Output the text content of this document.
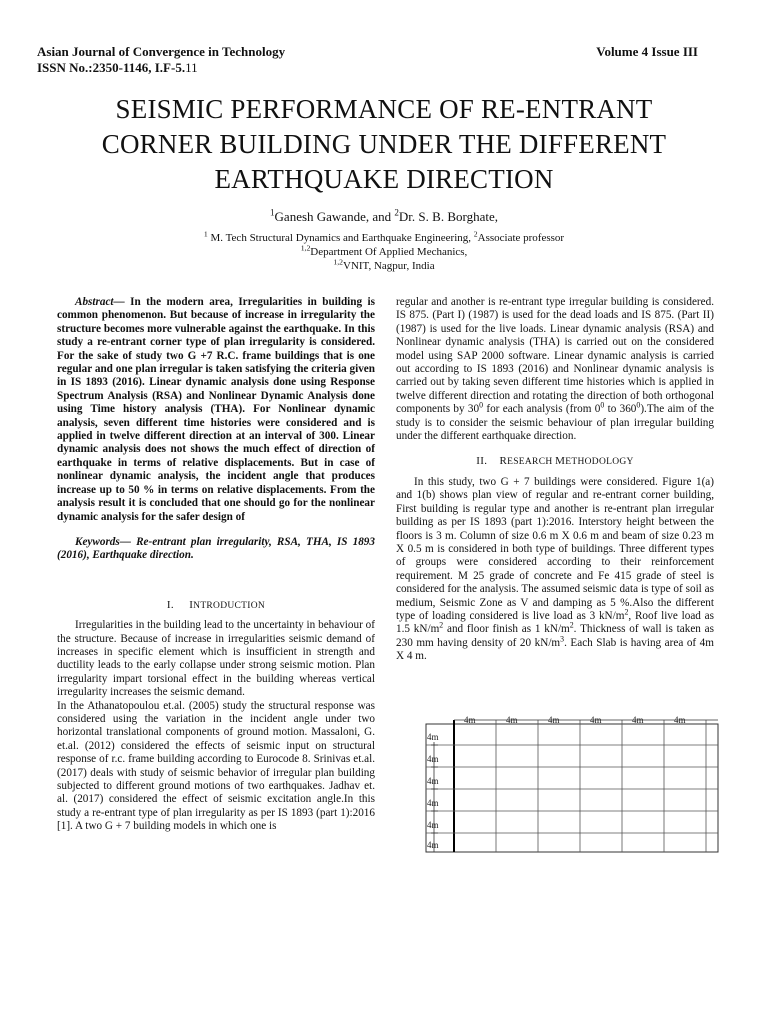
Asian Journal of Convergence in Technology
ISSN No.:2350-1146, I.F-5.11
Volume 4 Issue III
SEISMIC PERFORMANCE OF RE-ENTRANT
CORNER BUILDING UNDER THE DIFFERENT
EARTHQUAKE DIRECTION
$^1$Ganesh Gawande, and $^2$Dr. S. B. Borghate,
$^1$ M. Tech Structural Dynamics and Earthquake Engineering, $^2$Associate professor
$^{1,2}$Department Of Applied Mechanics,
$^{1,2}$VNIT, Nagpur, India

Abstract— In the modern area, Irregularities in building is common phenomenon. But because of increase in irregularity the structure becomes more vulnerable against the earthquake. In this study a re-entrant corner type of plan irregularity is considered. For the sake of study two G +7 R.C. frame buildings that is one regular and one plan irregular is taken satisfying the criteria given in IS 1893 (2016). Linear dynamic analysis done using Response Spectrum Analysis (RSA) and Nonlinear Dynamic Analysis done using Time history analysis (THA). For Nonlinear dynamic analysis, seven different time histories were considered and is applied in twelve different direction at an interval of 300. Linear dynamic analysis does not shows the much effect of direction of earthquake in terms of relative displacements. But in case of nonlinear dynamic analysis, the incident angle that produces increase up to 50 % in terms on relative displacements. From the analysis result it is concluded that one should go for the nonlinear dynamic analysis for the safer design of

Keywords— Re-entrant plan irregularity, RSA, THA, IS 1893 (2016), Earthquake direction.

I. INTRODUCTION

Irregularities in the building lead to the uncertainty in behaviour of the structure. Because of increase in irregularities seismic demand of increases in specific element which is insufficient in strength and ductility leads to the early collapse under strong seismic motion. Plan irregularity impart torsional effect in the building whereas vertical irregularity increases the seismic demand.

In the Athanatopoulou et.al. (2005) study the structural response was considered using the variation in the incident angle under two horizontal translational components of ground motion. Massaloni, G. et.al. (2012) considered the effects of seismic input on structural response of r.c. frame building according to Eurocode 8. Srinivas et.al. (2017) deals with study of seismic behavior of irregular plan building subjected to different ground motions of two earthquakes. Jadhav et. al. (2017) considered the effect of seismic excitation angle.In this study a re-entrant type of plan irregularity as per IS 1893 (part 1):2016 [1]. A two G + 7 building models in which one is

regular and another is re-entrant type irregular building is considered. IS 875. (Part I) (1987) is used for the dead loads and IS 875. (Part II) (1987) is used for the live loads. Linear dynamic analysis (RSA) and Nonlinear dynamic analysis (THA) is carried out on the considered model using SAP 2000 software. Linear dynamic analysis is carried out according to IS 1893 (2016) and Nonlinear dynamic analysis is carried out by taking seven different time histories which is applied in twelve different direction and rotating the direction of both orthogonal components by $30^0$ for each analysis (from $0^0$ to $360^0).The$ aim of the study is to consider the seismic behaviour of plan irregular building under the different earthquake direction.

II. RESEARCH METHODOLOGY

In this study, two G + 7 buildings were considered. Figure 1(a) and 1(b) shows plan view of regular and re-entrant corner building, First building is regular type and another is re-entrant plan irregular building as per IS 1893 (part 1):2016. Interstory height between the floors is 3 m. Column of size 0.6 m X 0.6 m and beam of size 0.23 m X 0.5 m is considered in both type of buildings. Three different types of groups were considered according to their reinforcement requirement. M 25 grade of concrete and Fe 415 grade of steel is considered for the analysis. The assumed seismic data is type of soil as medium, Seismic Zone as V and damping as 5 %.Also the different type of loading considered is live load as 3 $kN/m^2$, Roof live load as 1.5 $kN/m^2$ and floor finish as 1 $kN/m^2$. Thickness of wall is taken as 230 mm having density of 20 $kN/m^3$. Each Slab is having area of 4m X 4 m.

4m	4m	4m	4m	4m	4m
4m
4m
4m
4m
4m
4m
